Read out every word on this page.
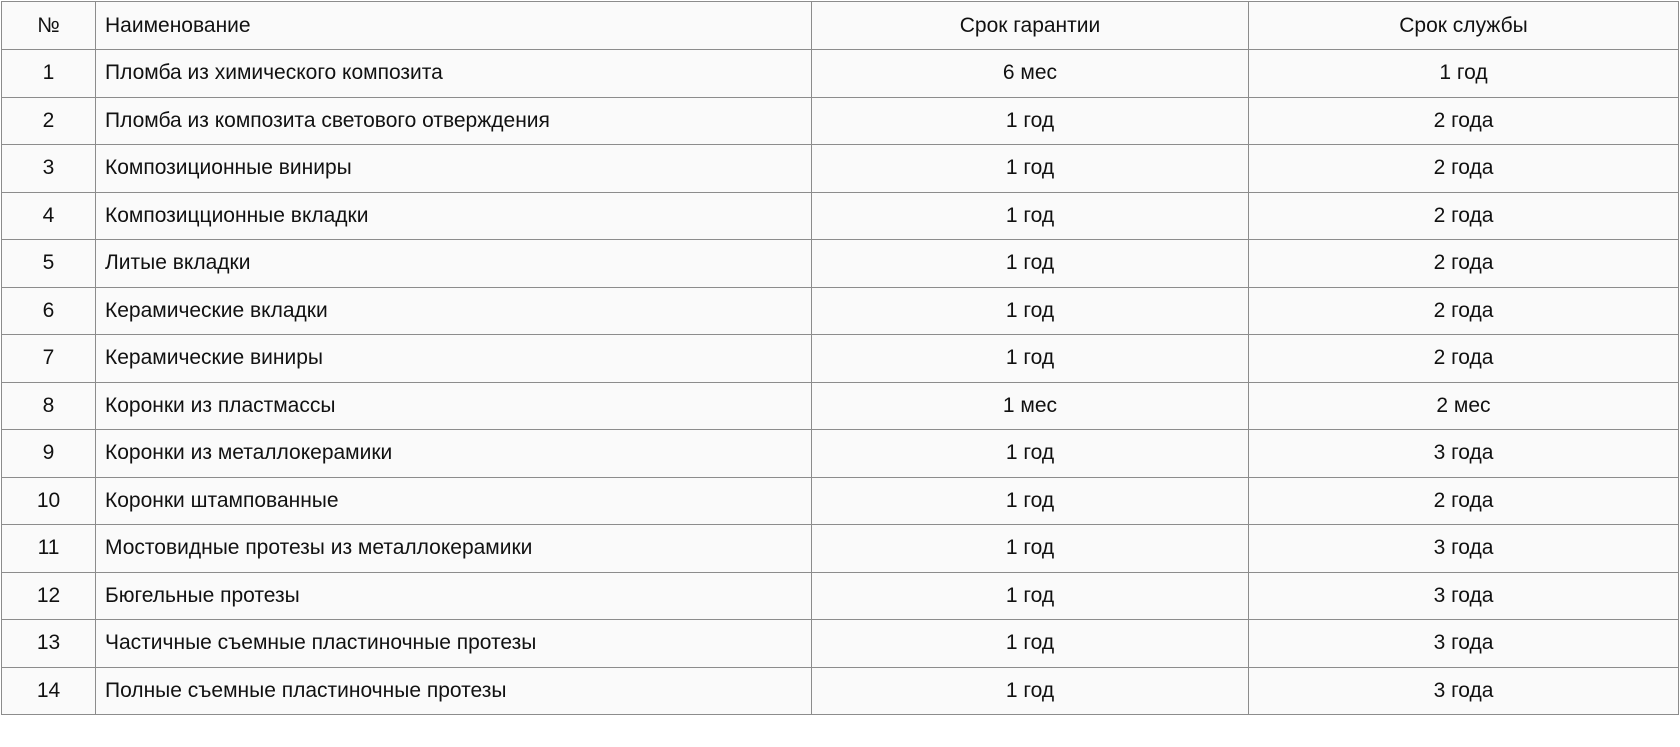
№	Наименование	Срок гарантии	Срок службы
1	Пломба из химического композита	6 мес	1 год
2	Пломба из композита светового отверждения	1 год	2 года
3	Композиционные виниры	1 год	2 года
4	Композицционные вкладки	1 год	2 года
5	Литые вкладки	1 год	2 года
6	Керамические вкладки	1 год	2 года
7	Керамические виниры	1 год	2 года
8	Коронки из пластмассы	1 мес	2 мес
9	Коронки из металлокерамики	1 год	3 года
10	Коронки штампованные	1 год	2 года
11	Мостовидные протезы из металлокерамики	1 год	3 года
12	Бюгельные протезы	1 год	3 года
13	Частичные съемные пластиночные протезы	1 год	3 года
14	Полные съемные пластиночные протезы	1 год	3 года
